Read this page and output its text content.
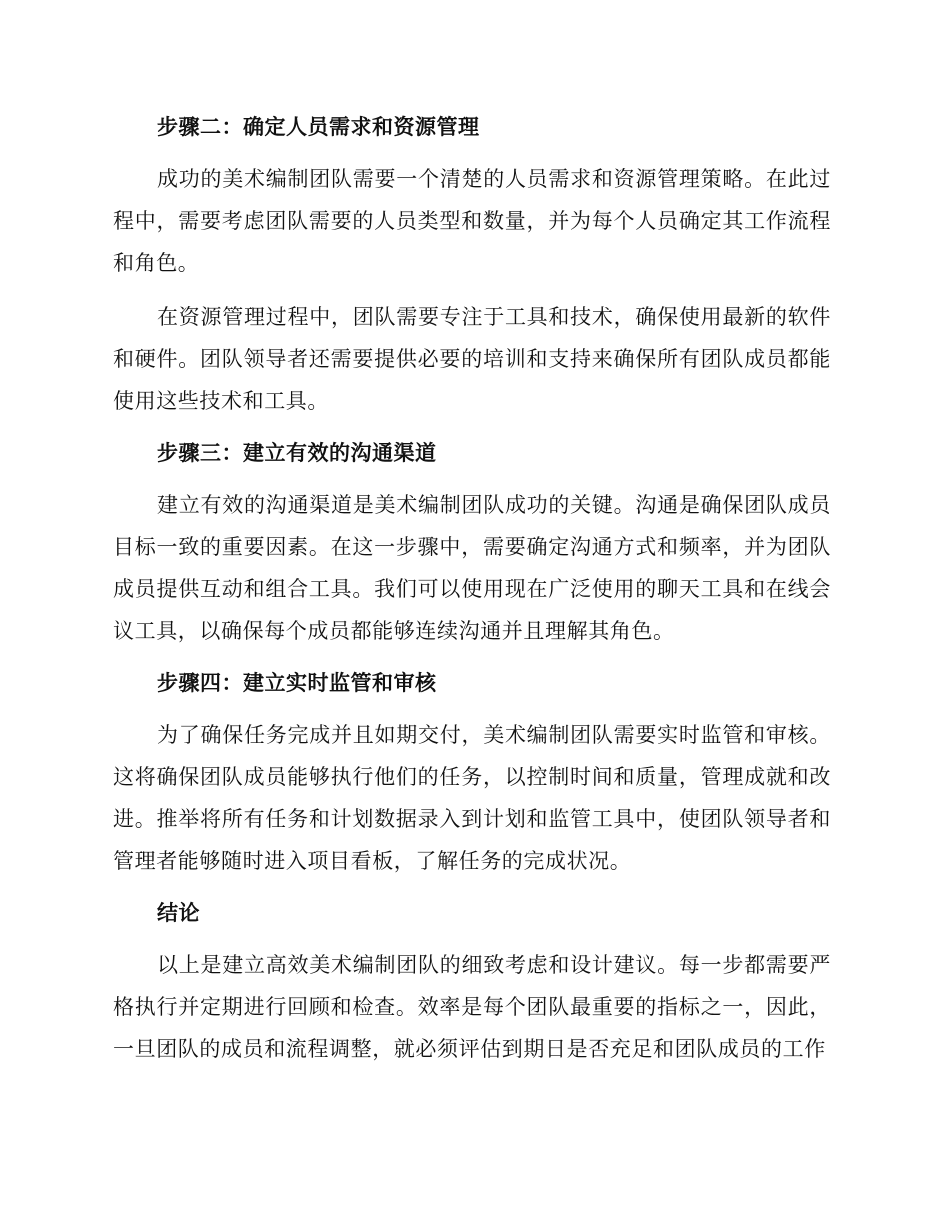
步骤二：确定人员需求和资源管理

成功的美术编制团队需要一个清楚的人员需求和资源管理策略。在此过程中，需要考虑团队需要的人员类型和数量，并为每个人员确定其工作流程和角色。

在资源管理过程中，团队需要专注于工具和技术，确保使用最新的软件和硬件。团队领导者还需要提供必要的培训和支持来确保所有团队成员都能使用这些技术和工具。

步骤三：建立有效的沟通渠道

建立有效的沟通渠道是美术编制团队成功的关键。沟通是确保团队成员目标一致的重要因素。在这一步骤中，需要确定沟通方式和频率，并为团队成员提供互动和组合工具。我们可以使用现在广泛使用的聊天工具和在线会议工具，以确保每个成员都能够连续沟通并且理解其角色。

步骤四：建立实时监管和审核

为了确保任务完成并且如期交付，美术编制团队需要实时监管和审核。这将确保团队成员能够执行他们的任务，以控制时间和质量，管理成就和改进。推举将所有任务和计划数据录入到计划和监管工具中，使团队领导者和管理者能够随时进入项目看板，了解任务的完成状况。

结论

以上是建立高效美术编制团队的细致考虑和设计建议。每一步都需要严格执行并定期进行回顾和检查。效率是每个团队最重要的指标之一，因此，一旦团队的成员和流程调整，就必须评估到期日是否充足和团队成员的工作
